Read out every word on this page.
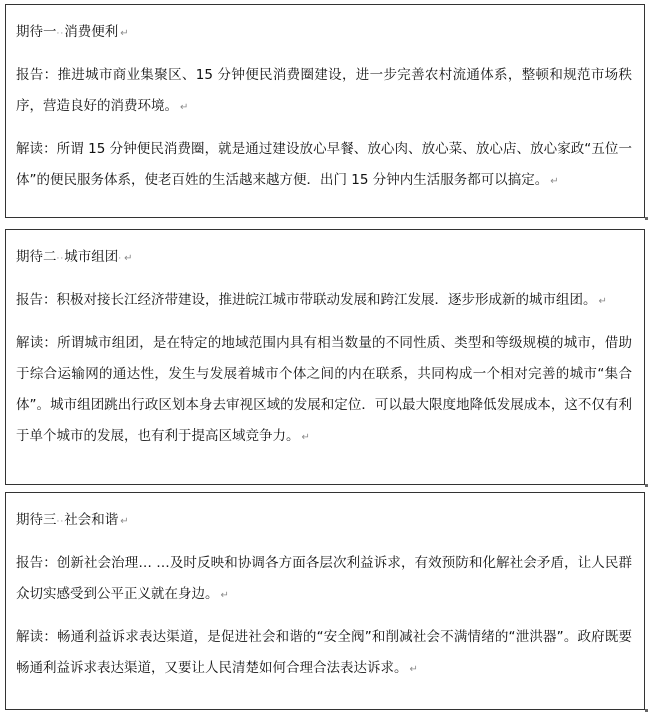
期待一··消费便利 ↵
报告：推进城市商业集聚区、15 分钟便民消费圈建设，进一步完善农村流通体系，整顿和规范市场秩序，营造良好的消费环境。 ↵
解读：所谓 15 分钟便民消费圈，就是通过建设放心早餐、放心肉、放心菜、放心店、放心家政“五位一体”的便民服务体系，使老百姓的生活越来越方便．出门 15 分钟内生活服务都可以搞定。 ↵
期待二··城市组团· ↵
报告：积极对接长江经济带建设，推进皖江城市带联动发展和跨江发展．逐步形成新的城市组团。 ↵
解读：所谓城市组团，是在特定的地域范围内具有相当数量的不同性质、类型和等级规模的城市，借助于综合运输网的通达性，发生与发展着城市个体之间的内在联系，共同构成一个相对完善的城市“集合体”。城市组团跳出行政区划本身去审视区域的发展和定位．可以最大限度地降低发展成本，这不仅有利于单个城市的发展，也有利于提高区域竞争力。 ↵
期待三··社会和谐 ↵
报告：创新社会治理… …及时反映和协调各方面各层次利益诉求，有效预防和化解社会矛盾，让人民群众切实感受到公平正义就在身边。 ↵
解读：畅通利益诉求表达渠道，是促进社会和谐的“安全阀”和削减社会不满情绪的“泄洪器”。政府既要畅通利益诉求表达渠道，又要让人民清楚如何合理合法表达诉求。 ↵
